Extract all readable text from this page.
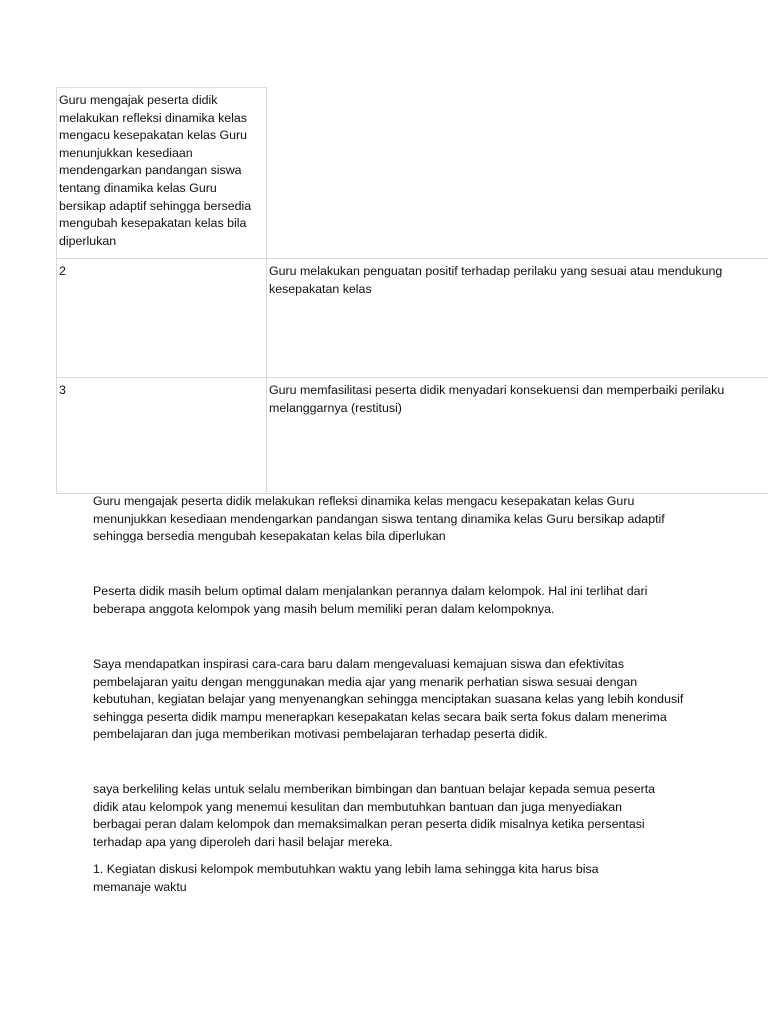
Guru mengajak peserta didik melakukan refleksi dinamika kelas mengacu kesepakatan kelas Guru menunjukkan kesediaan mendengarkan pandangan siswa tentang dinamika kelas Guru bersikap adaptif sehingga bersedia mengubah kesepakatan kelas bila diperlukan
2	Guru melakukan penguatan positif terhadap perilaku yang sesuai atau mendukung kesepakatan kelas
3	Guru memfasilitasi peserta didik menyadari konsekuensi dan memperbaiki perilaku melanggarnya (restitusi)

Guru mengajak peserta didik melakukan refleksi dinamika kelas mengacu kesepakatan kelas Guru menunjukkan kesediaan mendengarkan pandangan siswa tentang dinamika kelas Guru bersikap adaptif sehingga bersedia mengubah kesepakatan kelas bila diperlukan

Peserta didik masih belum optimal dalam menjalankan perannya dalam kelompok. Hal ini terlihat dari beberapa anggota kelompok yang masih belum memiliki peran dalam kelompoknya.

Saya mendapatkan inspirasi cara-cara baru dalam mengevaluasi kemajuan siswa dan efektivitas pembelajaran yaitu dengan menggunakan media ajar yang menarik perhatian siswa sesuai dengan kebutuhan, kegiatan belajar yang menyenangkan sehingga menciptakan suasana kelas yang lebih kondusif sehingga peserta didik mampu menerapkan kesepakatan kelas secara baik serta fokus dalam menerima pembelajaran dan juga memberikan motivasi pembelajaran terhadap peserta didik.

saya berkeliling kelas untuk selalu memberikan bimbingan dan bantuan belajar kepada semua peserta didik atau kelompok yang menemui kesulitan dan membutuhkan bantuan dan juga menyediakan berbagai peran dalam kelompok dan memaksimalkan peran peserta didik misalnya ketika persentasi terhadap apa yang diperoleh dari hasil belajar mereka.

1. Kegiatan diskusi kelompok membutuhkan waktu yang lebih lama sehingga kita harus bisa memanaje waktu
